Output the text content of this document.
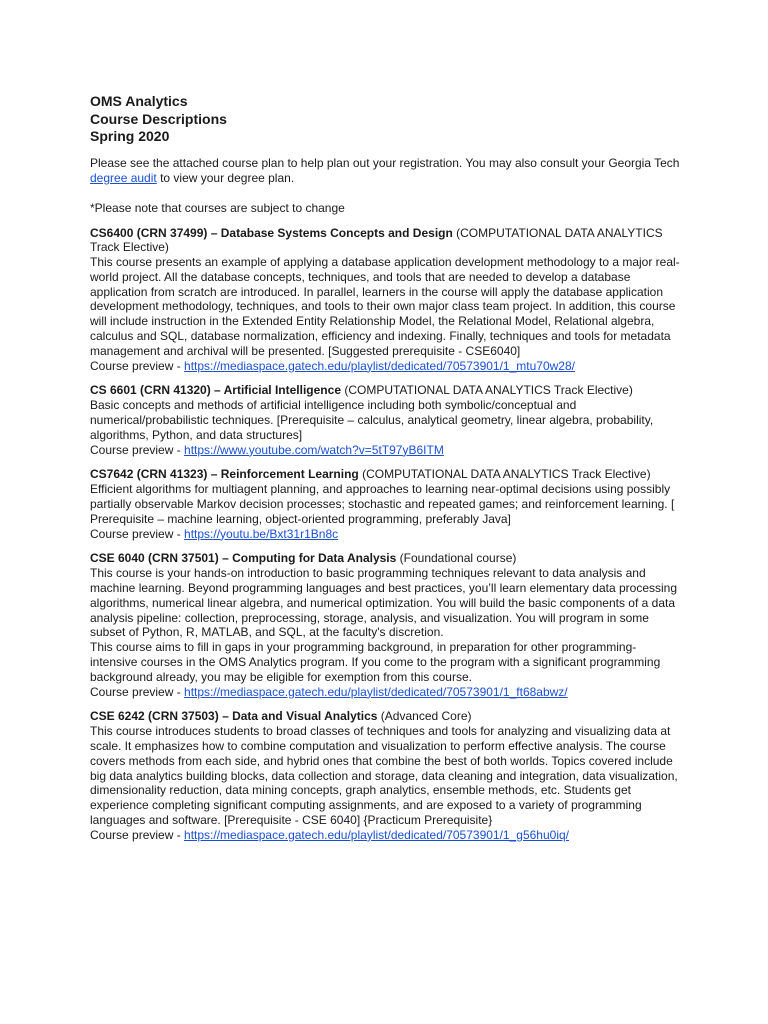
OMS Analytics

Course Descriptions

Spring 2020

Please see the attached course plan to help plan out your registration. You may also consult your Georgia Tech degree audit to view your degree plan.
*Please note that courses are subject to change
CS6400 (CRN 37499) – Database Systems Concepts and Design (COMPUTATIONAL DATA ANALYTICS Track Elective)
This course presents an example of applying a database application development methodology to a major real-world project. All the database concepts, techniques, and tools that are needed to develop a database application from scratch are introduced. In parallel, learners in the course will apply the database application development methodology, techniques, and tools to their own major class team project. In addition, this course will include instruction in the Extended Entity Relationship Model, the Relational Model, Relational algebra, calculus and SQL, database normalization, efficiency and indexing. Finally, techniques and tools for metadata management and archival will be presented. [Suggested prerequisite - CSE6040]
Course preview - https://mediaspace.gatech.edu/playlist/dedicated/70573901/1_mtu70w28/
CS 6601 (CRN 41320) – Artificial Intelligence (COMPUTATIONAL DATA ANALYTICS Track Elective)
Basic concepts and methods of artificial intelligence including both symbolic/conceptual and numerical/probabilistic techniques. [Prerequisite – calculus, analytical geometry, linear algebra, probability, algorithms, Python, and data structures]
Course preview - https://www.youtube.com/watch?v=5tT97yB6ITM
CS7642 (CRN 41323) – Reinforcement Learning (COMPUTATIONAL DATA ANALYTICS Track Elective)
Efficient algorithms for multiagent planning, and approaches to learning near-optimal decisions using possibly partially observable Markov decision processes; stochastic and repeated games; and reinforcement learning. [ Prerequisite – machine learning, object-oriented programming, preferably Java]
Course preview - https://youtu.be/Bxt31r1Bn8c
CSE 6040 (CRN 37501) – Computing for Data Analysis (Foundational course)
This course is your hands-on introduction to basic programming techniques relevant to data analysis and machine learning. Beyond programming languages and best practices, you’ll learn elementary data processing algorithms, numerical linear algebra, and numerical optimization. You will build the basic components of a data analysis pipeline: collection, preprocessing, storage, analysis, and visualization. You will program in some subset of Python, R, MATLAB, and SQL, at the faculty's discretion.
This course aims to fill in gaps in your programming background, in preparation for other programming-intensive courses in the OMS Analytics program. If you come to the program with a significant programming background already, you may be eligible for exemption from this course.
Course preview - https://mediaspace.gatech.edu/playlist/dedicated/70573901/1_ft68abwz/
CSE 6242 (CRN 37503) – Data and Visual Analytics (Advanced Core)
This course introduces students to broad classes of techniques and tools for analyzing and visualizing data at scale. It emphasizes how to combine computation and visualization to perform effective analysis. The course covers methods from each side, and hybrid ones that combine the best of both worlds. Topics covered include big data analytics building blocks, data collection and storage, data cleaning and integration, data visualization, dimensionality reduction, data mining concepts, graph analytics, ensemble methods, etc. Students get experience completing significant computing assignments, and are exposed to a variety of programming languages and software. [Prerequisite - CSE 6040] {Practicum Prerequisite}
Course preview - https://mediaspace.gatech.edu/playlist/dedicated/70573901/1_g56hu0iq/
